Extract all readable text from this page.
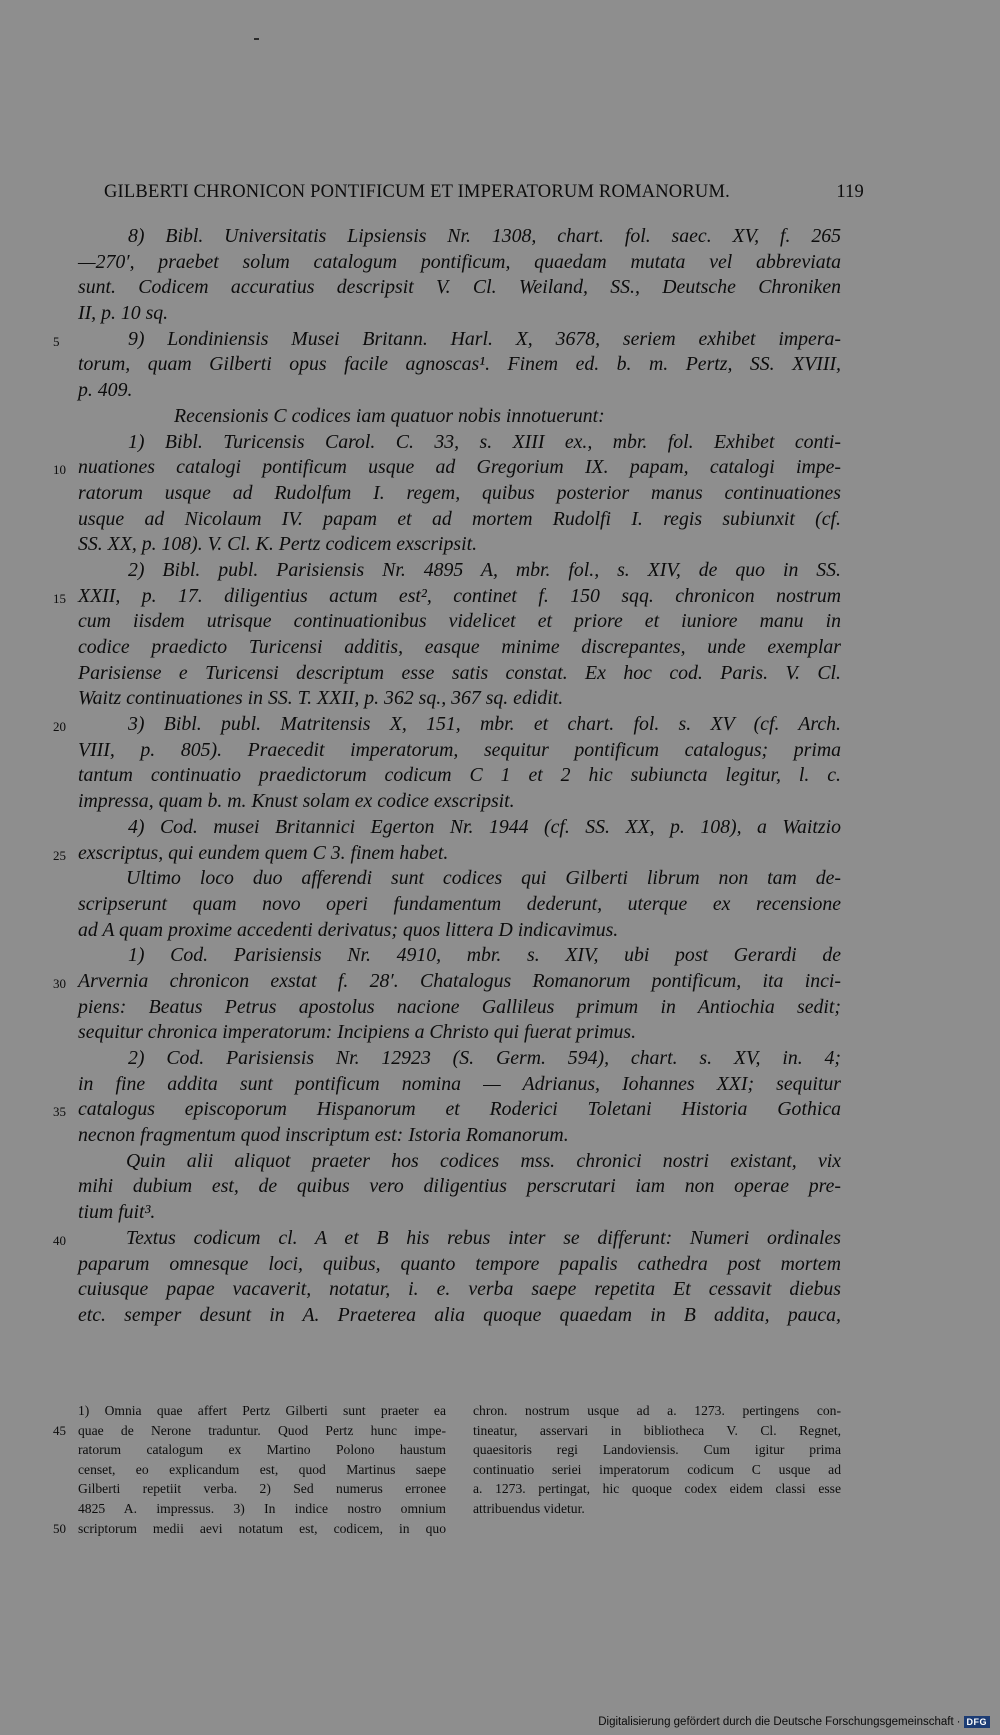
GILBERTI CHRONICON PONTIFICUM ET IMPERATORUM ROMANORUM.	119
8) Bibl. Universitatis Lipsiensis Nr. 1308, chart. fol. saec. XV, f. 265
—270′, praebet solum catalogum pontificum, quaedam mutata vel abbreviata
sunt. Codicem accuratius descripsit V. Cl. Weiland, SS., Deutsche Chroniken
II, p. 10 sq.
5	9) Londiniensis Musei Britann. Harl. X, 3678, seriem exhibet impera-
torum, quam Gilberti opus facile agnoscas¹. Finem ed. b. m. Pertz, SS. XVIII,
p. 409.
Recensionis C codices iam quatuor nobis innotuerunt:
1) Bibl. Turicensis Carol. C. 33, s. XIII ex., mbr. fol. Exhibet conti-
10 nuationes catalogi pontificum usque ad Gregorium IX. papam, catalogi impe-
ratorum usque ad Rudolfum I. regem, quibus posterior manus continuationes
usque ad Nicolaum IV. papam et ad mortem Rudolfi I. regis subiunxit (cf.
SS. XX, p. 108). V. Cl. K. Pertz codicem exscripsit.
2) Bibl. publ. Parisiensis Nr. 4895 A, mbr. fol., s. XIV, de quo in SS.
15 XXII, p. 17. diligentius actum est², continet f. 150 sqq. chronicon nostrum
cum iisdem utrisque continuationibus videlicet et priore et iuniore manu in
codice praedicto Turicensi additis, easque minime discrepantes, unde exemplar
Parisiense e Turicensi descriptum esse satis constat. Ex hoc cod. Paris. V. Cl.
Waitz continuationes in SS. T. XXII, p. 362 sq., 367 sq. edidit.
20	3) Bibl. publ. Matritensis X, 151, mbr. et chart. fol. s. XV (cf. Arch.
VIII, p. 805). Praecedit imperatorum, sequitur pontificum catalogus; prima
tantum continuatio praedictorum codicum C 1 et 2 hic subiuncta legitur, l. c.
impressa, quam b. m. Knust solam ex codice exscripsit.
4) Cod. musei Britannici Egerton Nr. 1944 (cf. SS. XX, p. 108), a Waitzio
25 exscriptus, qui eundem quem C 3. finem habet.
Ultimo loco duo afferendi sunt codices qui Gilberti librum non tam de-
scripserunt quam novo operi fundamentum dederunt, uterque ex recensione
ad A quam proxime accedenti derivatus; quos littera D indicavimus.
1) Cod. Parisiensis Nr. 4910, mbr. s. XIV, ubi post Gerardi de
30 Arvernia chronicon exstat f. 28′. Chatalogus Romanorum pontificum, ita inci-
piens: Beatus Petrus apostolus nacione Gallileus primum in Antiochia sedit;
sequitur chronica imperatorum: Incipiens a Christo qui fuerat primus.
2) Cod. Parisiensis Nr. 12923 (S. Germ. 594), chart. s. XV, in. 4;
in fine addita sunt pontificum nomina — Adrianus, Iohannes XXI; sequitur
35 catalogus episcoporum Hispanorum et Roderici Toletani Historia Gothica
necnon fragmentum quod inscriptum est: Istoria Romanorum.
Quin alii aliquot praeter hos codices mss. chronici nostri existant, vix
mihi dubium est, de quibus vero diligentius perscrutari iam non operae pre-
tium fuit³.
40	Textus codicum cl. A et B his rebus inter se differunt: Numeri ordinales
paparum omnesque loci, quibus, quanto tempore papalis cathedra post mortem
cuiusque papae vacaverit, notatur, i. e. verba saepe repetita Et cessavit diebus
etc. semper desunt in A. Praeterea alia quoque quaedam in B addita, pauca,
1) Omnia quae affert Pertz Gilberti sunt praeter ea
45 quae de Nerone traduntur. Quod Pertz hunc impe-
ratorum catalogum ex Martino Polono haustum
censet, eo explicandum est, quod Martinus saepe
Gilberti repetiit verba. 2) Sed numerus erronee
4825 A. impressus. 3) In indice nostro omnium
50 scriptorum medii aevi notatum est, codicem, in quo
chron. nostrum usque ad a. 1273. pertingens con-
tineatur, asservari in bibliotheca V. Cl. Regnet,
quaesitoris regi Landoviensis. Cum igitur prima
continuatio seriei imperatorum codicum C usque ad
a. 1273. pertingat, hic quoque codex eidem classi esse
attribuendus videtur.
Digitalisierung gefördert durch die Deutsche Forschungsgemeinschaft · DFG
